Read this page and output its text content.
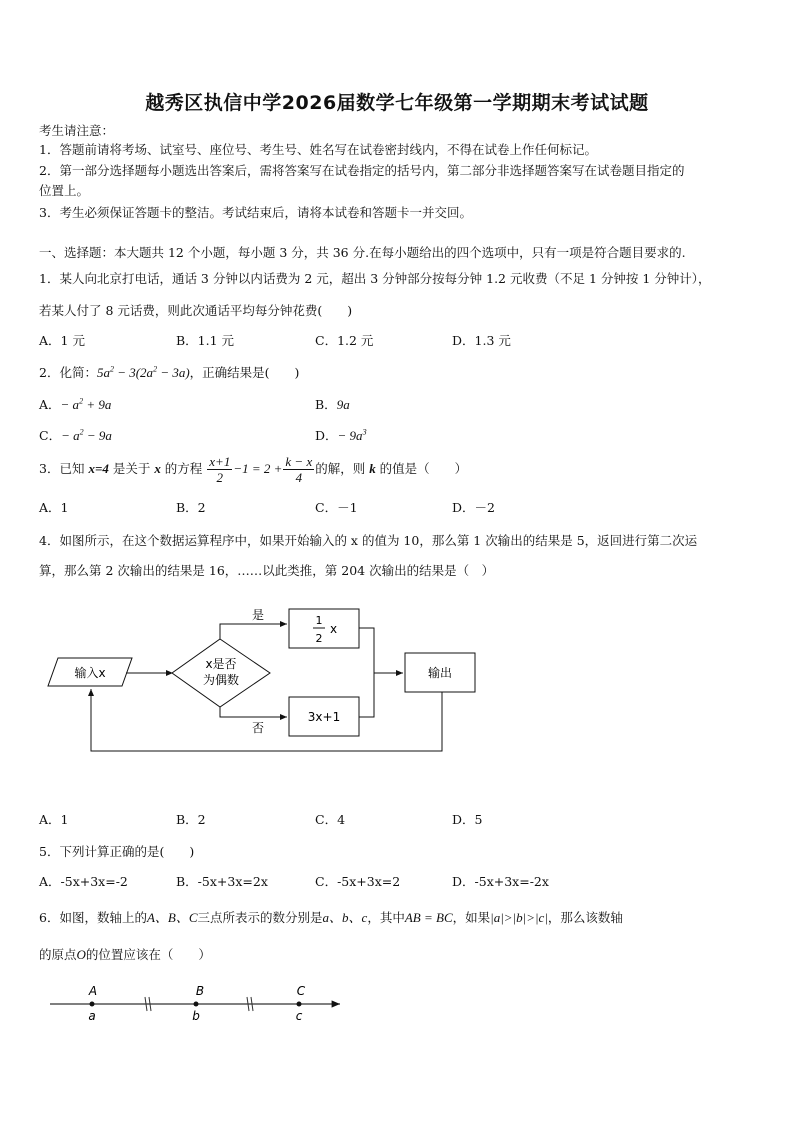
越秀区执信中学2026届数学七年级第一学期期末考试试题
考生请注意：
1．答题前请将考场、试室号、座位号、考生号、姓名写在试卷密封线内，不得在试卷上作任何标记。
2．第一部分选择题每小题选出答案后，需将答案写在试卷指定的括号内，第二部分非选择题答案写在试卷题目指定的
位置上。
3．考生必须保证答题卡的整洁。考试结束后，请将本试卷和答题卡一并交回。
一、选择题：本大题共 12 个小题，每小题 3 分，共 36 分.在每小题给出的四个选项中，只有一项是符合题目要求的.
1．某人向北京打电话，通话 3 分钟以内话费为 2 元，超出 3 分钟部分按每分钟 1.2 元收费（不足 1 分钟按 1 分钟计），
若某人付了 8 元话费，则此次通话平均每分钟花费(　　)
A．1 元	B．1.1 元	C．1.2 元	D．1.3 元
2．化简：$5a^2 - 3(2a^2 - 3a)$，正确结果是(　　)
A．− $a^2 + 9a$	B．9a
C．− $a^2 - 9a$	D．− $9a^3$
3．已知 x=4 是关于 x 的方程 $\frac{x+1}{2} -1 = 2 + \frac{k - x}{4}$ 的解，则 k 的值是（　　）
A．1	B．2	C．－1	D．－2
4．如图所示，在这个数据运算程序中，如果开始输入的 x 的值为 10，那么第 1 次输出的结果是 5，返回进行第二次运
算，那么第 2 次输出的结果是 16，……以此类推，第 204 次输出的结果是（　）
输入x
x是否
为偶数
是
否
1
2
x
3x+1
输出
A．1	B．2	C．4	D．5
5．下列计算正确的是(　　)
A．-5x+3x=-2	B．-5x+3x=2x	C．-5x+3x=2	D．-5x+3x=-2x
6．如图，数轴上的A、B、C三点所表示的数分别是a、b、c，其中AB = BC，如果|a|>|b|>|c|，那么该数轴
的原点O的位置应该在（　　）
A	B	C
a	b	c
